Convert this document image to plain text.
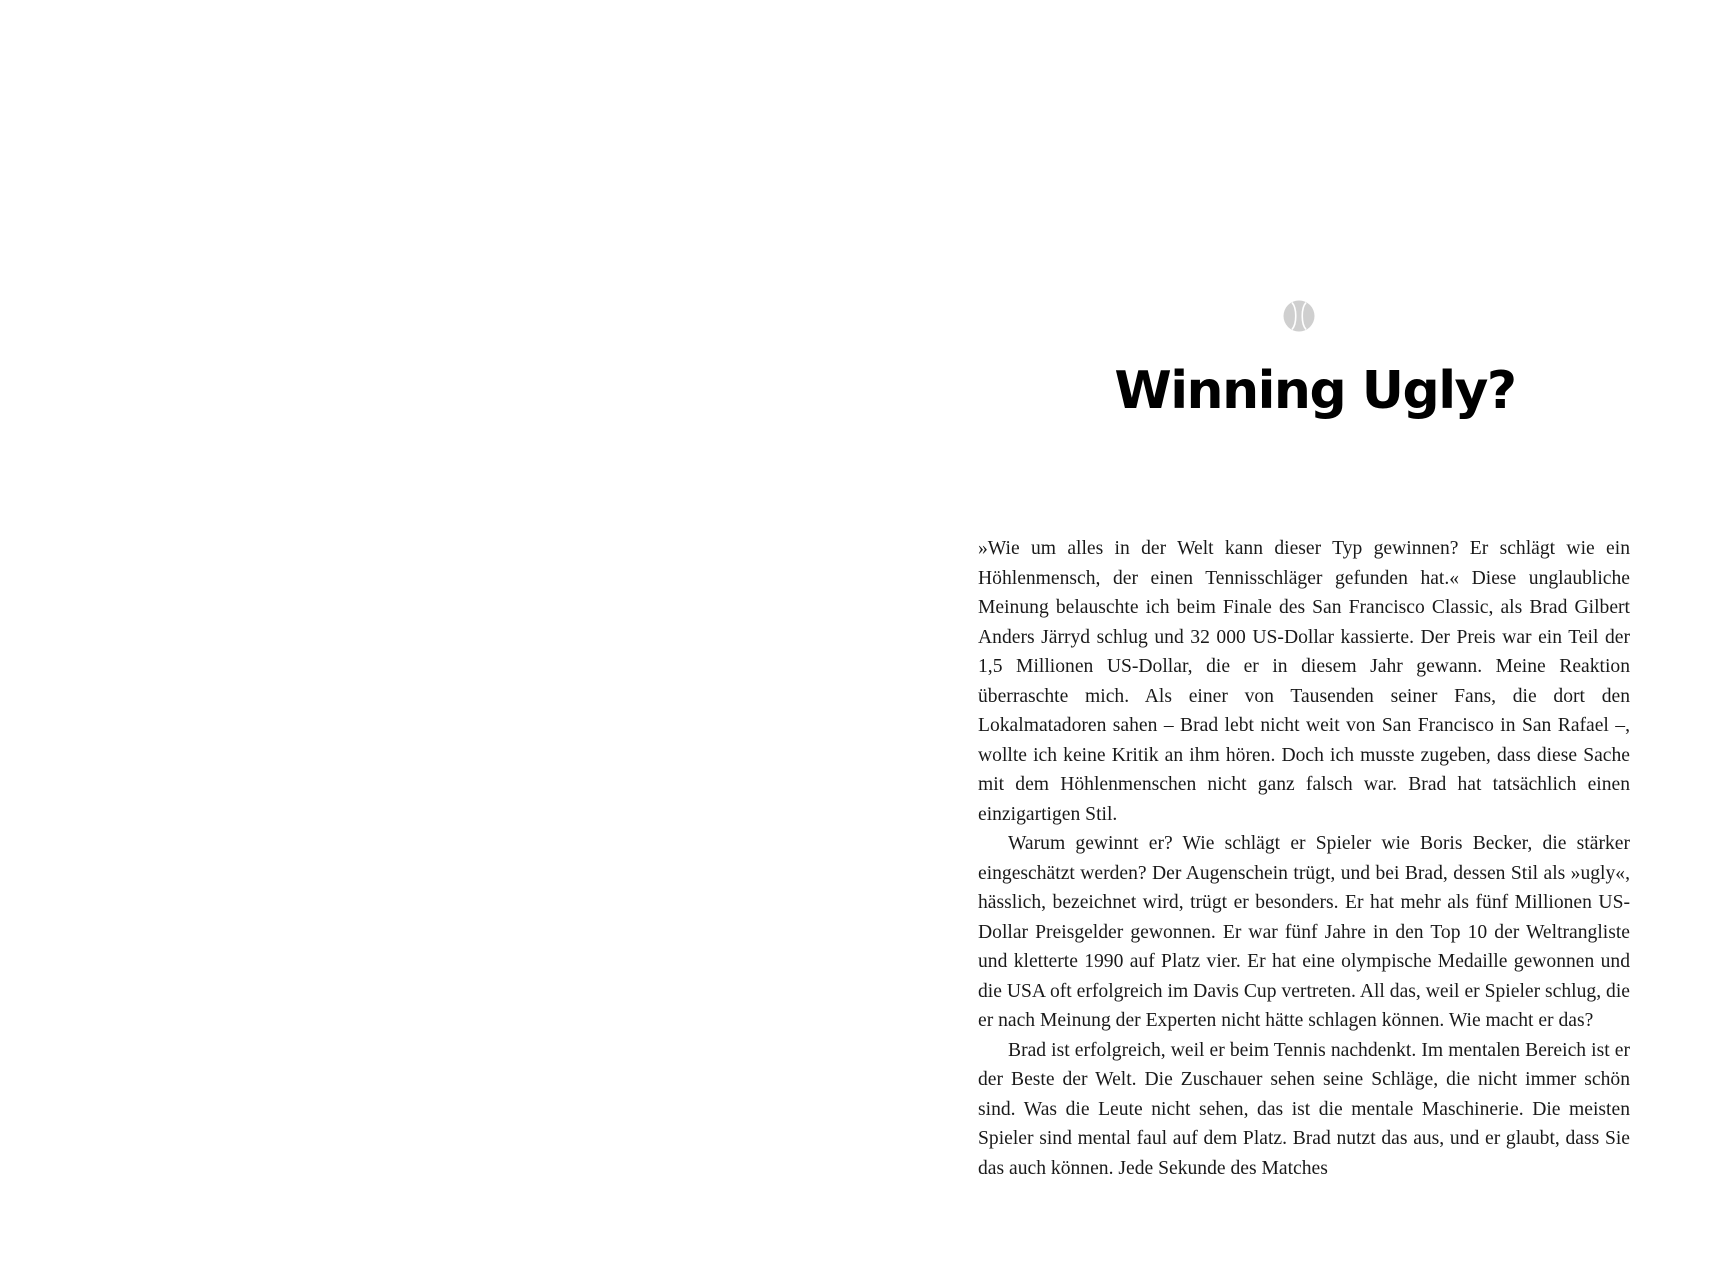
Winning Ugly?

»Wie um alles in der Welt kann dieser Typ gewinnen? Er schlägt wie ein Höhlenmensch, der einen Tennisschläger gefunden hat.« Diese unglaubliche Meinung belauschte ich beim Finale des San Francisco Classic, als Brad Gilbert Anders Järryd schlug und 32 000 US-Dollar kassierte. Der Preis war ein Teil der 1,5 Millionen US-Dollar, die er in diesem Jahr gewann. Meine Reaktion überraschte mich. Als einer von Tausenden seiner Fans, die dort den Lokalmatadoren sahen – Brad lebt nicht weit von San Francisco in San Rafael –, wollte ich keine Kritik an ihm hören. Doch ich musste zugeben, dass diese Sache mit dem Höhlenmenschen nicht ganz falsch war. Brad hat tatsächlich einen einzigartigen Stil.

Warum gewinnt er? Wie schlägt er Spieler wie Boris Becker, die stärker eingeschätzt werden? Der Augenschein trügt, und bei Brad, dessen Stil als »ugly«, hässlich, bezeichnet wird, trügt er besonders. Er hat mehr als fünf Millionen US-Dollar Preisgelder gewonnen. Er war fünf Jahre in den Top 10 der Weltrangliste und kletterte 1990 auf Platz vier. Er hat eine olympische Medaille gewonnen und die USA oft erfolgreich im Davis Cup vertreten. All das, weil er Spieler schlug, die er nach Meinung der Experten nicht hätte schlagen können. Wie macht er das?

Brad ist erfolgreich, weil er beim Tennis nachdenkt. Im mentalen Bereich ist er der Beste der Welt. Die Zuschauer sehen seine Schläge, die nicht immer schön sind. Was die Leute nicht sehen, das ist die mentale Maschinerie. Die meisten Spieler sind mental faul auf dem Platz. Brad nutzt das aus, und er glaubt, dass Sie das auch können. Jede Sekunde des Matches
